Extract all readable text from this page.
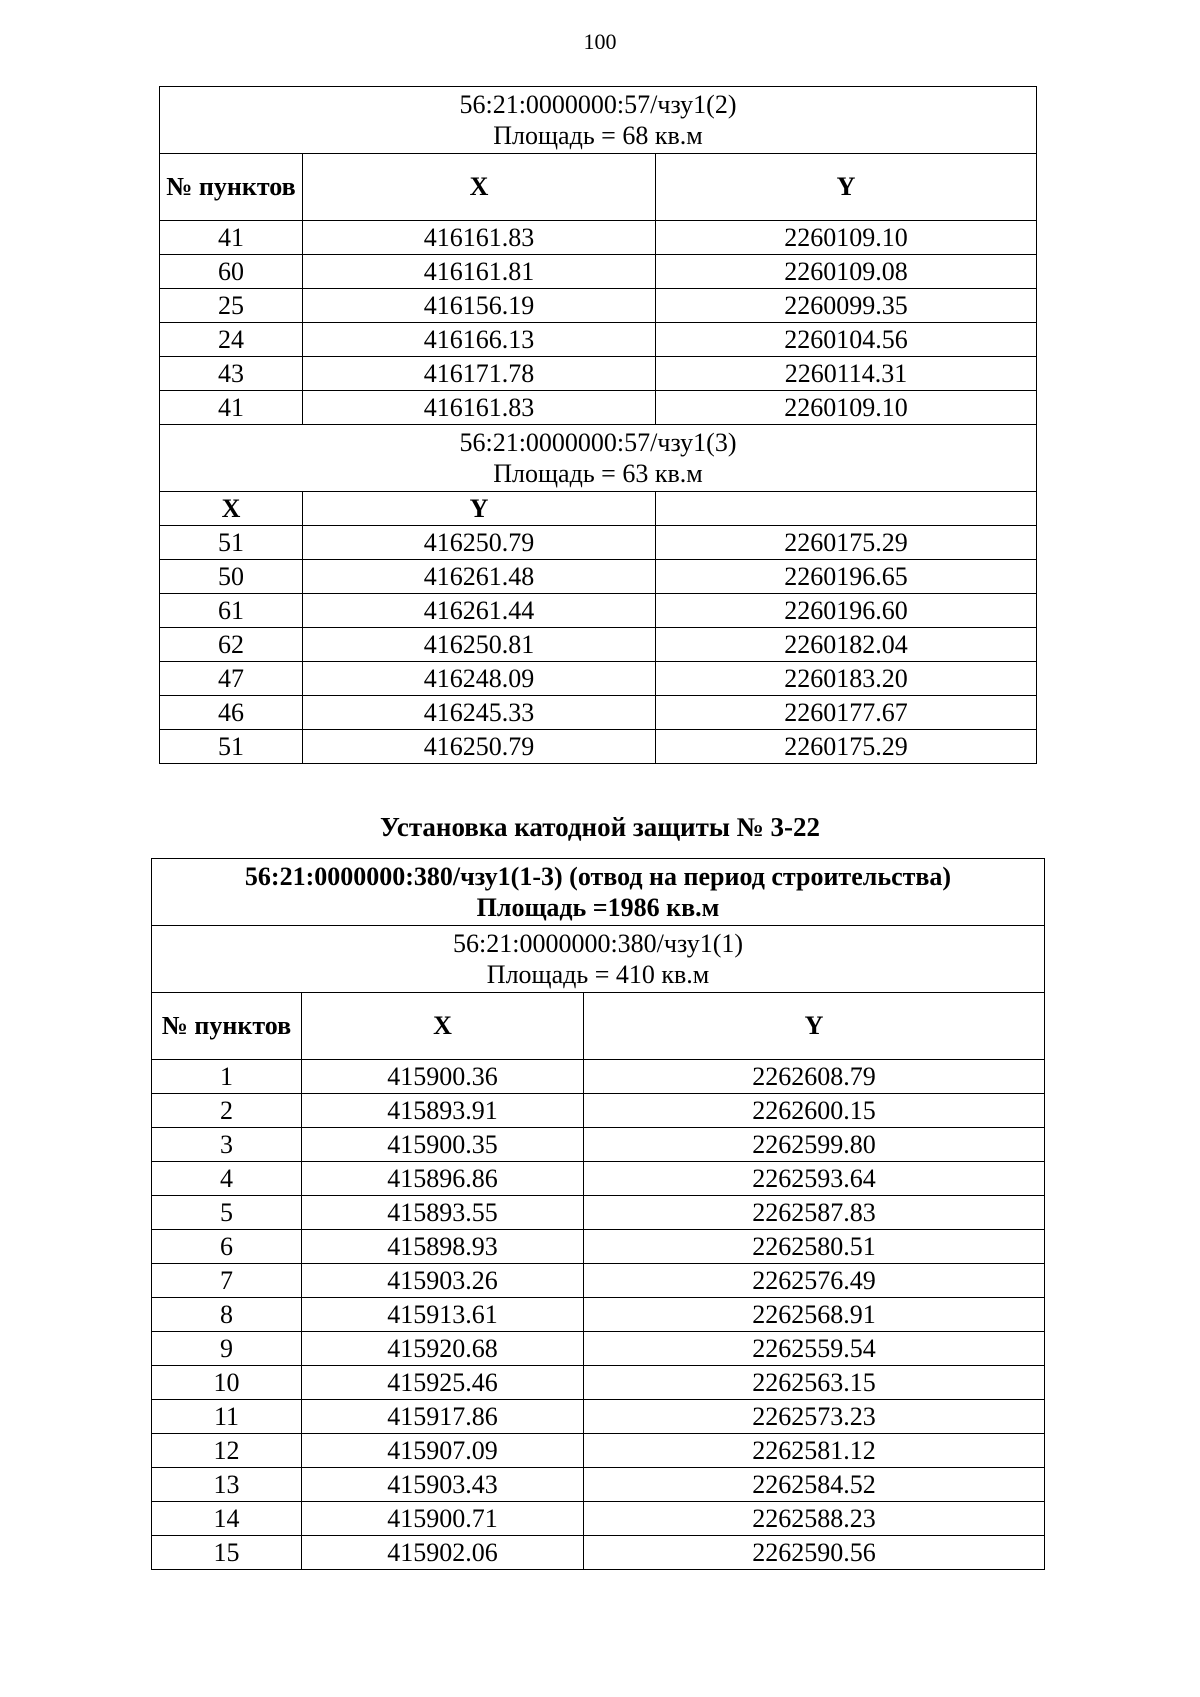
100
56:21:0000000:57/чзу1(2)
Площадь = 68 кв.м		

№ пунктов	X	Y
41	416161.83	2260109.10
60	416161.81	2260109.08
25	416156.19	2260099.35
24	416166.13	2260104.56
43	416171.78	2260114.31
41	416161.83	2260109.10

56:21:0000000:57/чзу1(3)
Площадь = 63 кв.м		

X	Y	
51	416250.79	2260175.29
50	416261.48	2260196.65
61	416261.44	2260196.60
62	416250.81	2260182.04
47	416248.09	2260183.20
46	416245.33	2260177.67
51	416250.79	2260175.29
Установка катодной защиты № 3-22
56:21:0000000:380/чзу1(1-3) (отвод на период строительства)
Площадь =1986 кв.м		

56:21:0000000:380/чзу1(1)
Площадь = 410 кв.м		

№ пунктов	X	Y
1	415900.36	2262608.79
2	415893.91	2262600.15
3	415900.35	2262599.80
4	415896.86	2262593.64
5	415893.55	2262587.83
6	415898.93	2262580.51
7	415903.26	2262576.49
8	415913.61	2262568.91
9	415920.68	2262559.54
10	415925.46	2262563.15
11	415917.86	2262573.23
12	415907.09	2262581.12
13	415903.43	2262584.52
14	415900.71	2262588.23
15	415902.06	2262590.56
